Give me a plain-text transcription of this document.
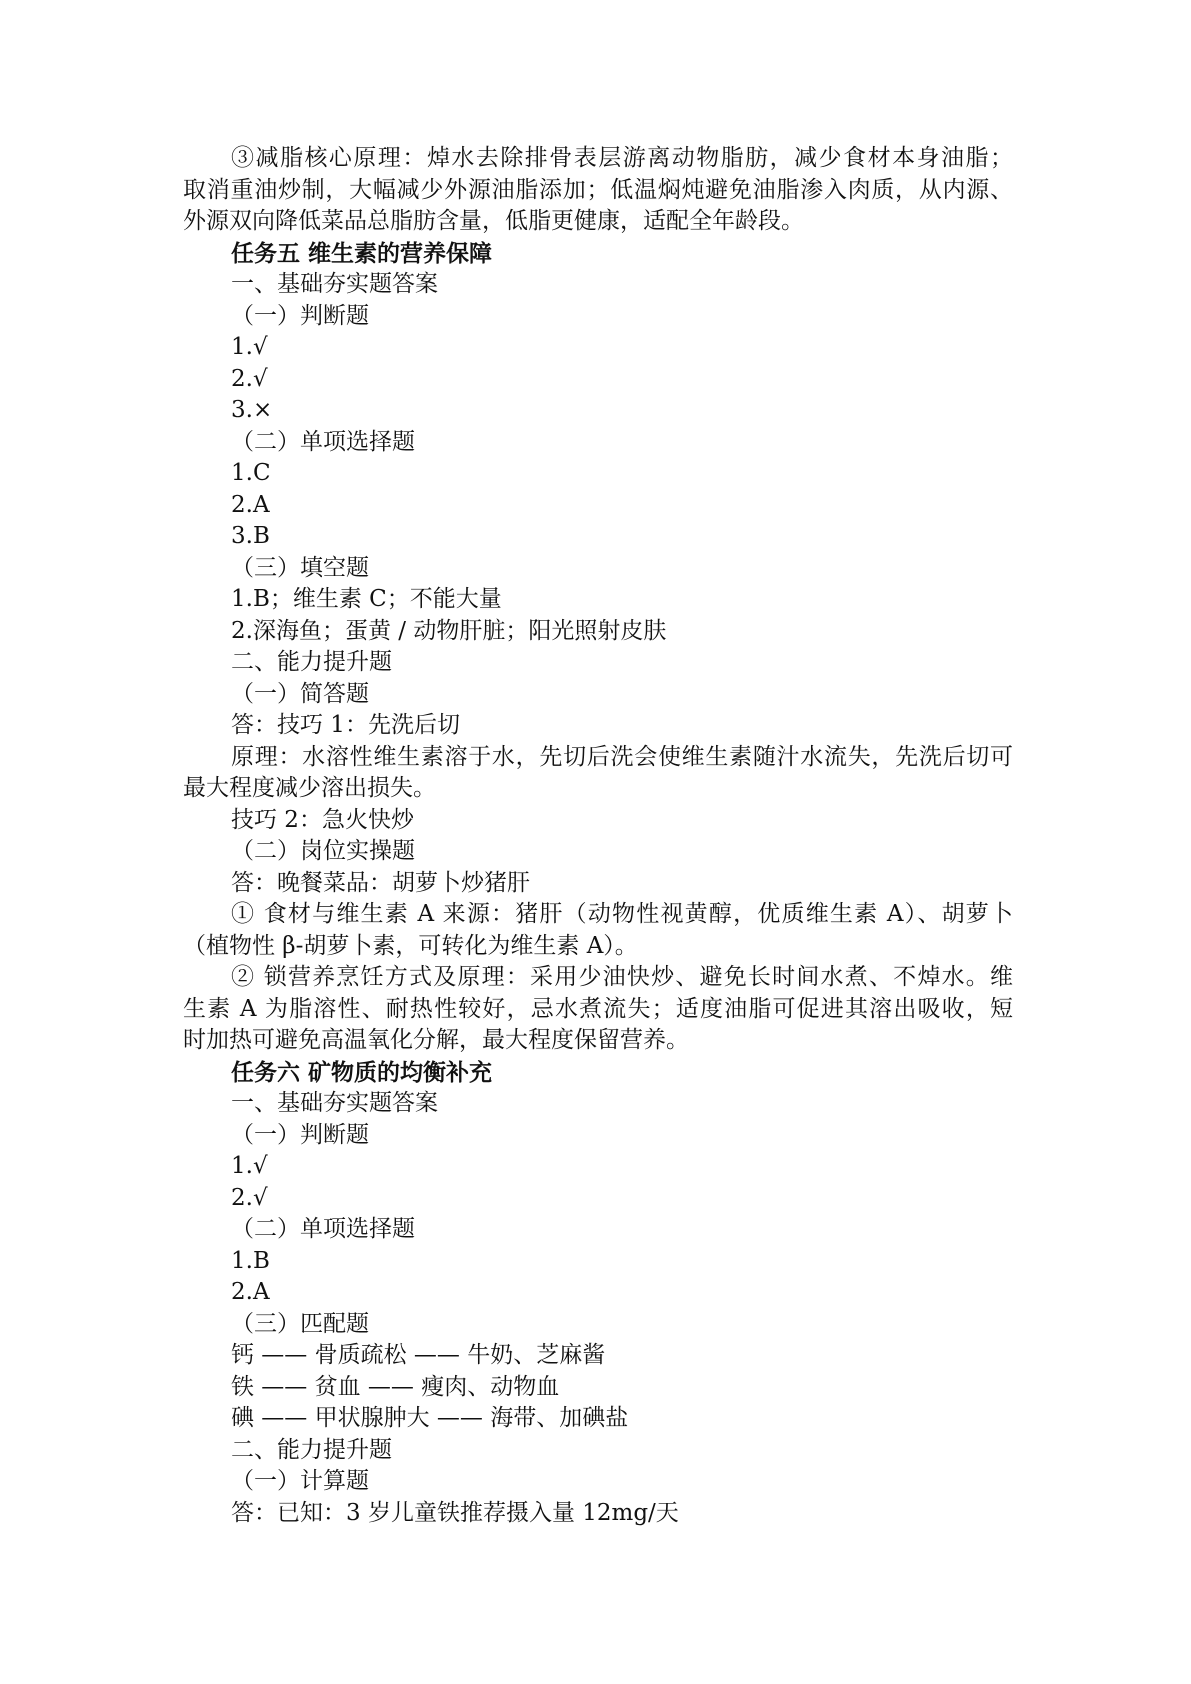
③减脂核心原理：焯水去除排骨表层游离动物脂肪，减少食材本身油脂；
取消重油炒制，大幅减少外源油脂添加；低温焖炖避免油脂渗入肉质，从内源、
外源双向降低菜品总脂肪含量，低脂更健康，适配全年龄段。
任务五 维生素的营养保障
一、基础夯实题答案
（一）判断题
1.√
2.√
3.×
（二）单项选择题
1.C
2.A
3.B
（三）填空题
1.B；维生素 C；不能大量
2.深海鱼；蛋黄 / 动物肝脏；阳光照射皮肤
二、能力提升题
（一）简答题
答：技巧 1：先洗后切
原理：水溶性维生素溶于水，先切后洗会使维生素随汁水流失，先洗后切可
最大程度减少溶出损失。
技巧 2：急火快炒
（二）岗位实操题
答：晚餐菜品：胡萝卜炒猪肝
① 食材与维生素 A 来源：猪肝（动物性视黄醇，优质维生素 A）、胡萝卜
（植物性 β-胡萝卜素，可转化为维生素 A）。
② 锁营养烹饪方式及原理：采用少油快炒、避免长时间水煮、不焯水。维
生素 A 为脂溶性、耐热性较好，忌水煮流失；适度油脂可促进其溶出吸收，短
时加热可避免高温氧化分解，最大程度保留营养。
任务六 矿物质的均衡补充
一、基础夯实题答案
（一）判断题
1.√
2.√
（二）单项选择题
1.B
2.A
（三）匹配题
钙 —— 骨质疏松 —— 牛奶、芝麻酱
铁 —— 贫血 —— 瘦肉、动物血
碘 —— 甲状腺肿大 —— 海带、加碘盐
二、能力提升题
（一）计算题
答：已知：3 岁儿童铁推荐摄入量 12mg/天
